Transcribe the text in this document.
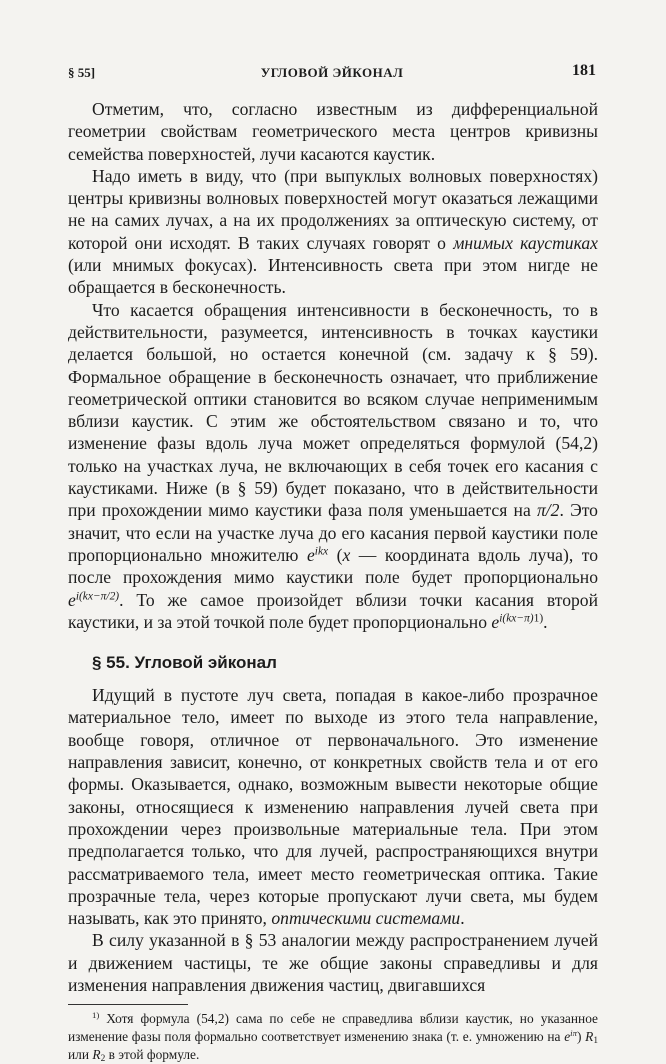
§ 55]	УГЛОВОЙ ЭЙКОНАЛ	181

Отметим, что, согласно известным из дифференциальной геометрии свойствам геометрического места центров кривизны семейства поверхностей, лучи касаются каустик.

Надо иметь в виду, что (при выпуклых волновых поверхностях) центры кривизны волновых поверхностей могут оказаться лежащими не на самих лучах, а на их продолжениях за оптическую систему, от которой они исходят. В таких случаях говорят о мнимых каустиках (или мнимых фокусах). Интенсивность света при этом нигде не обращается в бесконечность.

Что касается обращения интенсивности в бесконечность, то в действительности, разумеется, интенсивность в точках каустики делается большой, но остается конечной (см. задачу к § 59). Формальное обращение в бесконечность означает, что приближение геометрической оптики становится во всяком случае неприменимым вблизи каустик. С этим же обстоятельством связано и то, что изменение фазы вдоль луча может определяться формулой (54,2) только на участках луча, не включающих в себя точек его касания с каустиками. Ниже (в § 59) будет показано, что в действительности при прохождении мимо каустики фаза поля уменьшается на π/2. Это значит, что если на участке луча до его касания первой каустики поле пропорционально множителю $e^{ikx}$ (x — координата вдоль луча), то после прохождения мимо каустики поле будет пропорционально $e^{i(kx-\pi/2)}$. То же самое произойдет вблизи точки касания второй каустики, и за этой точкой поле будет пропорционально $e^{i(kx-\pi)1)}$.

§ 55. Угловой эйконал

Идущий в пустоте луч света, попадая в какое-либо прозрачное материальное тело, имеет по выходе из этого тела направление, вообще говоря, отличное от первоначального. Это изменение направления зависит, конечно, от конкретных свойств тела и от его формы. Оказывается, однако, возможным вывести некоторые общие законы, относящиеся к изменению направления лучей света при прохождении через произвольные материальные тела. При этом предполагается только, что для лучей, распространяющихся внутри рассматриваемого тела, имеет место геометрическая оптика. Такие прозрачные тела, через которые пропускают лучи света, мы будем называть, как это принято, оптическими системами.

В силу указанной в § 53 аналогии между распространением лучей и движением частицы, те же общие законы справедливы и для изменения направления движения частиц, двигавшихся

$^{1)}$ Хотя формула (54,2) сама по себе не справедлива вблизи каустик, но указанное изменение фазы поля формально соответствует изменению знака (т. е. умножению на $e^{i\pi}$) $R_1$ или $R_2$ в этой формуле.
